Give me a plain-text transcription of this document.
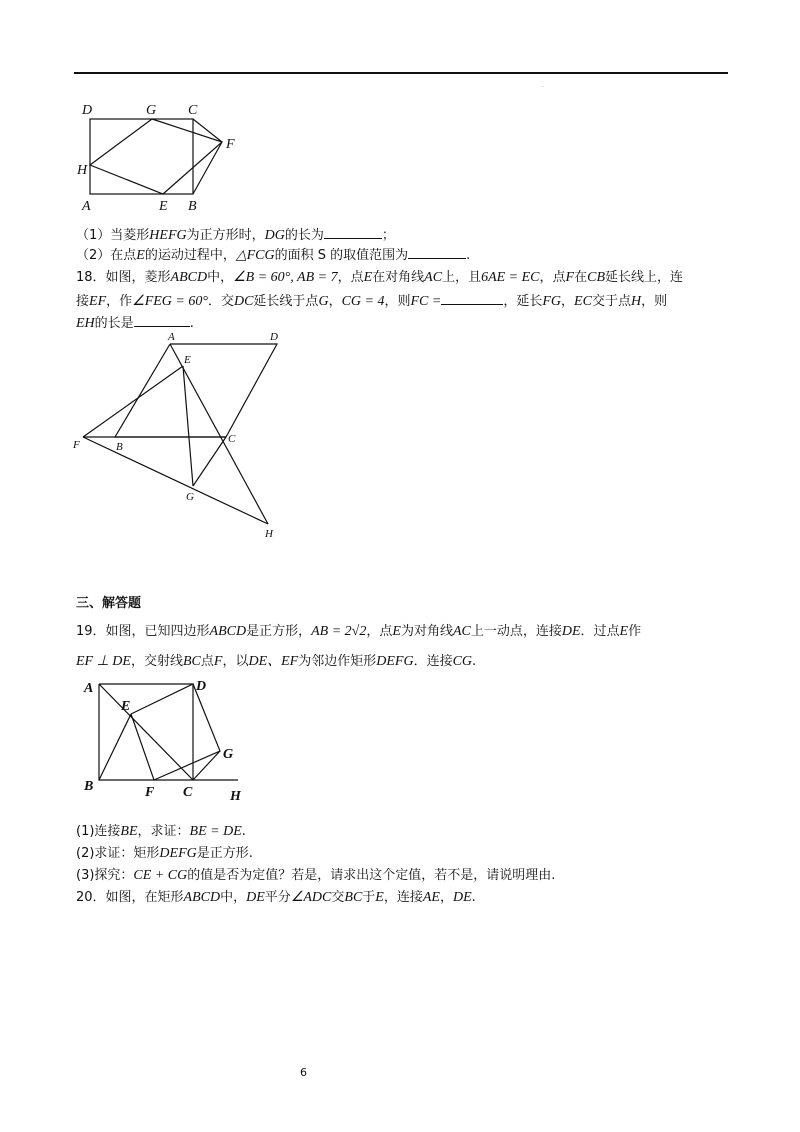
·
D	G C
F
H
A	E B
（1）当菱形HEFG为正方形时，DG的长为	；
（2）在点E的运动过程中，△FCG的面积 S 的取值范围为	.
18．如图，菱形ABCD中，∠B = 60°, AB = 7，点E在对角线AC上，且6AE = EC，点F在CB延长线上，连
接EF，作∠FEG = 60°．交DC延长线于点G，CG = 4，则FC =	，延长FG，EC交于点H，则
EH的长是	.
A	D
E
F	B
C
G
H
三、解答题
19．如图，已知四边形ABCD是正方形，AB = 2√2，点E为对角线AC上一动点，连接DE．过点E作
EF ⊥ DE，交射线BC点F，以DE、EF为邻边作矩形DEFG．连接CG.
A	D
E
G
B	F C	H
(1)连接BE，求证：BE = DE.
(2)求证：矩形DEFG是正方形.
(3)探究：CE + CG的值是否为定值？若是，请求出这个定值，若不是，请说明理由.
20．如图，在矩形ABCD中，DE平分∠ADC交BC于E，连接AE，DE.
6
